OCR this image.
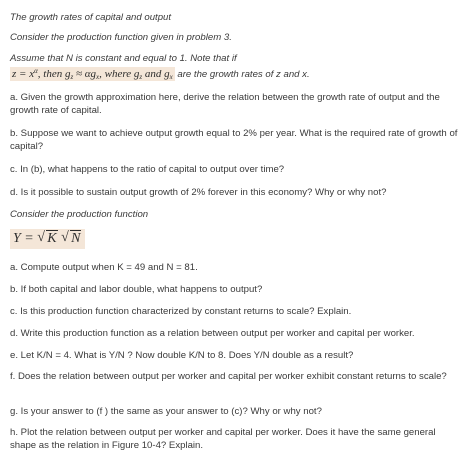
The growth rates of capital and output
Consider the production function given in problem 3.
Assume that N is constant and equal to 1. Note that if
$z = x^\alpha$, then $g_z \approx \alpha g_x$, where $g_z$ and $g_x$ are the growth rates of z and x.
a. Given the growth approximation here, derive the relation between the growth rate of output and the growth rate of capital.
b. Suppose we want to achieve output growth equal to 2% per year. What is the required rate of growth of capital?
c. In (b), what happens to the ratio of capital to output over time?
d. Is it possible to sustain output growth of 2% forever in this economy? Why or why not?
Consider the production function
Y = √ K √ N
a. Compute output when K = 49 and N = 81.
b. If both capital and labor double, what happens to output?
c. Is this production function characterized by constant returns to scale? Explain.
d. Write this production function as a relation between output per worker and capital per worker.
e. Let K/N = 4. What is Y/N ? Now double K/N to 8. Does Y/N double as a result?
f. Does the relation between output per worker and capital per worker exhibit constant returns to scale?
g. Is your answer to (f ) the same as your answer to (c)? Why or why not?
h. Plot the relation between output per worker and capital per worker. Does it have the same general shape as the relation in Figure 10-4? Explain.
